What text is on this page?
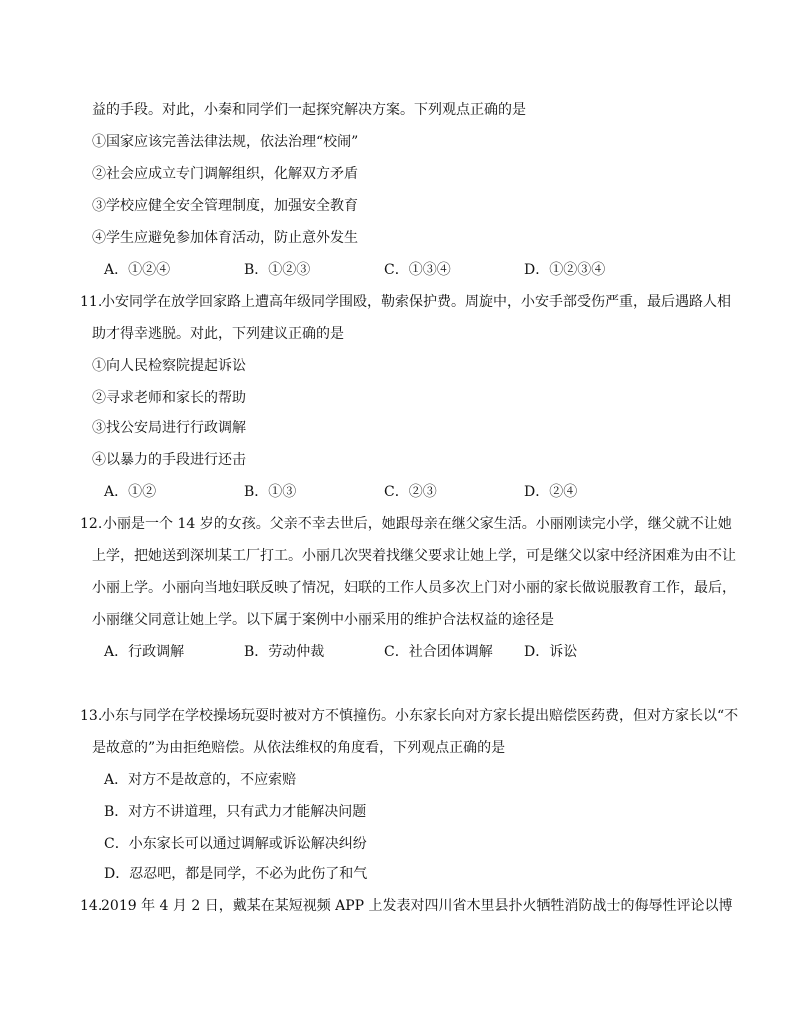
益的手段。对此，小秦和同学们一起探究解决方案。下列观点正确的是

①国家应该完善法律法规，依法治理“校闹”

②社会应成立专门调解组织，化解双方矛盾

③学校应健全安全管理制度，加强安全教育

④学生应避免参加体育活动，防止意外发生

A．①②④	B．①②③	C．①③④	D．①②③④
11.

小安同学在放学回家路上遭高年级同学围殴，勒索保护费。周旋中，小安手部受伤严重，最后遇路人相

助才得幸逃脱。对此，下列建议正确的是

①向人民检察院提起诉讼

②寻求老师和家长的帮助

③找公安局进行行政调解

④以暴力的手段进行还击

A．①②	B．①③	C．②③	D．②④
12. 小丽是一个 14 岁的女孩。父亲不幸去世后，她跟母亲在继父家生活。小丽刚读完小学，继父就不让她

上学，把她送到深圳某工厂打工。小丽几次哭着找继父要求让她上学，可是继父以家中经济困难为由不让

小丽上学。小丽向当地妇联反映了情况，妇联的工作人员多次上门对小丽的家长做说服教育工作，最后，

小丽继父同意让她上学。以下属于案例中小丽采用的维护合法权益的途径是

A．行政调解	B．劳动仲裁	C．社合团体调解 D．诉讼
13.

小东与同学在学校操场玩耍时被对方不慎撞伤。小东家长向对方家长提出赔偿医药费，但对方家长以“不

是故意的”为由拒绝赔偿。从依法维权的角度看，下列观点正确的是

A．对方不是故意的，不应索赔

B．对方不讲道理，只有武力才能解决问题

C．小东家长可以通过调解或诉讼解决纠纷

D．忍忍吧，都是同学，不必为此伤了和气

14.

2019 年 4 月 2 日，戴某在某短视频 APP 上发表对四川省木里县扑火牺牲消防战士的侮辱性评论以博
